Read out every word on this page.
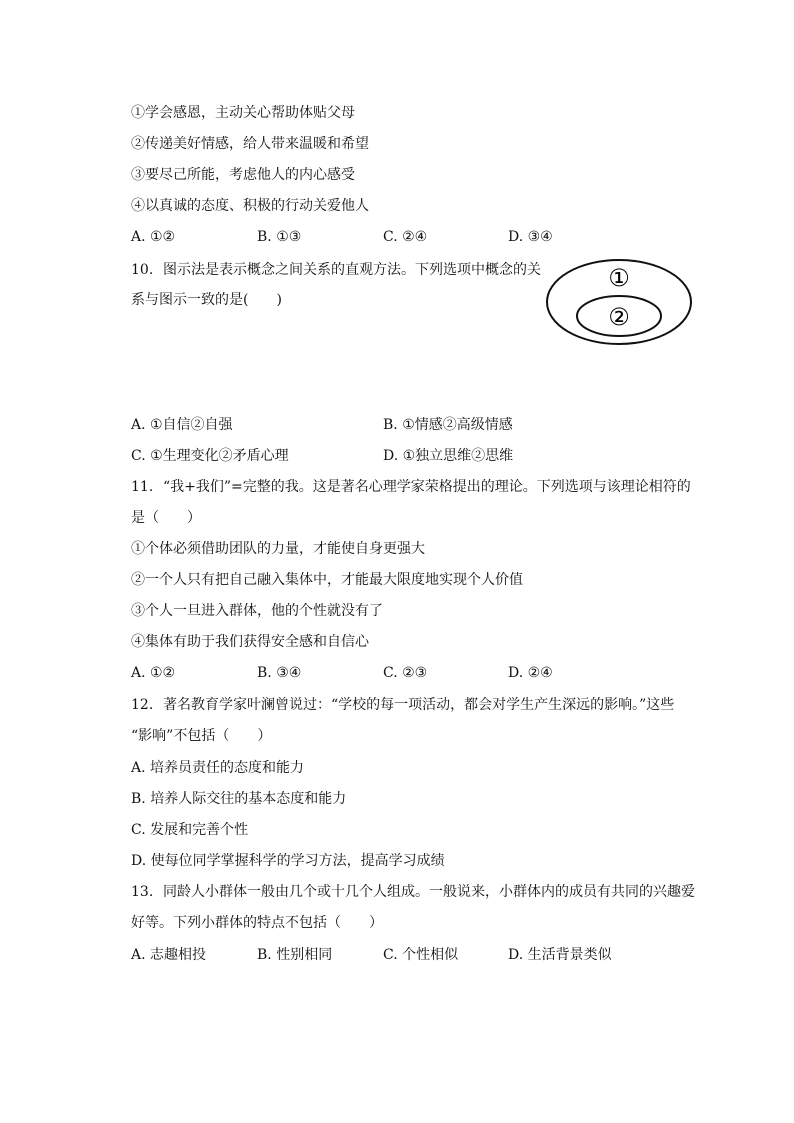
①学会感恩，主动关心帮助体贴父母
②传递美好情感，给人带来温暖和希望
③要尽己所能，考虑他人的内心感受
④以真诚的态度、积极的行动关爱他人
A. ①②	B. ①③	C. ②④	D. ③④
10. 图示法是表示概念之间关系的直观方法。下列选项中概念的关
系与图示一致的是(　　)
①
②
A. ①自信②自强	B. ①情感②高级情感
C. ①生理变化②矛盾心理	D. ①独立思维②思维
11. “我+我们”=完整的我。这是著名心理学家荣格提出的理论。下列选项与该理论相符的
是（　　）
①个体必须借助团队的力量，才能使自身更强大
②一个人只有把自己融入集体中，才能最大限度地实现个人价值
③个人一旦进入群体，他的个性就没有了
④集体有助于我们获得安全感和自信心
A. ①②	B. ③④	C. ②③	D. ②④
12. 著名教育学家叶澜曾说过：“学校的每一项活动，都会对学生产生深远的影响。”这些
“影响”不包括（　　）
A. 培养员责任的态度和能力
B. 培养人际交往的基本态度和能力
C. 发展和完善个性
D. 使每位同学掌握科学的学习方法，提高学习成绩
13. 同龄人小群体一般由几个或十几个人组成。一般说来，小群体内的成员有共同的兴趣爱
好等。下列小群体的特点不包括（　　）
A. 志趣相投	B. 性别相同	C. 个性相似	D. 生活背景类似
